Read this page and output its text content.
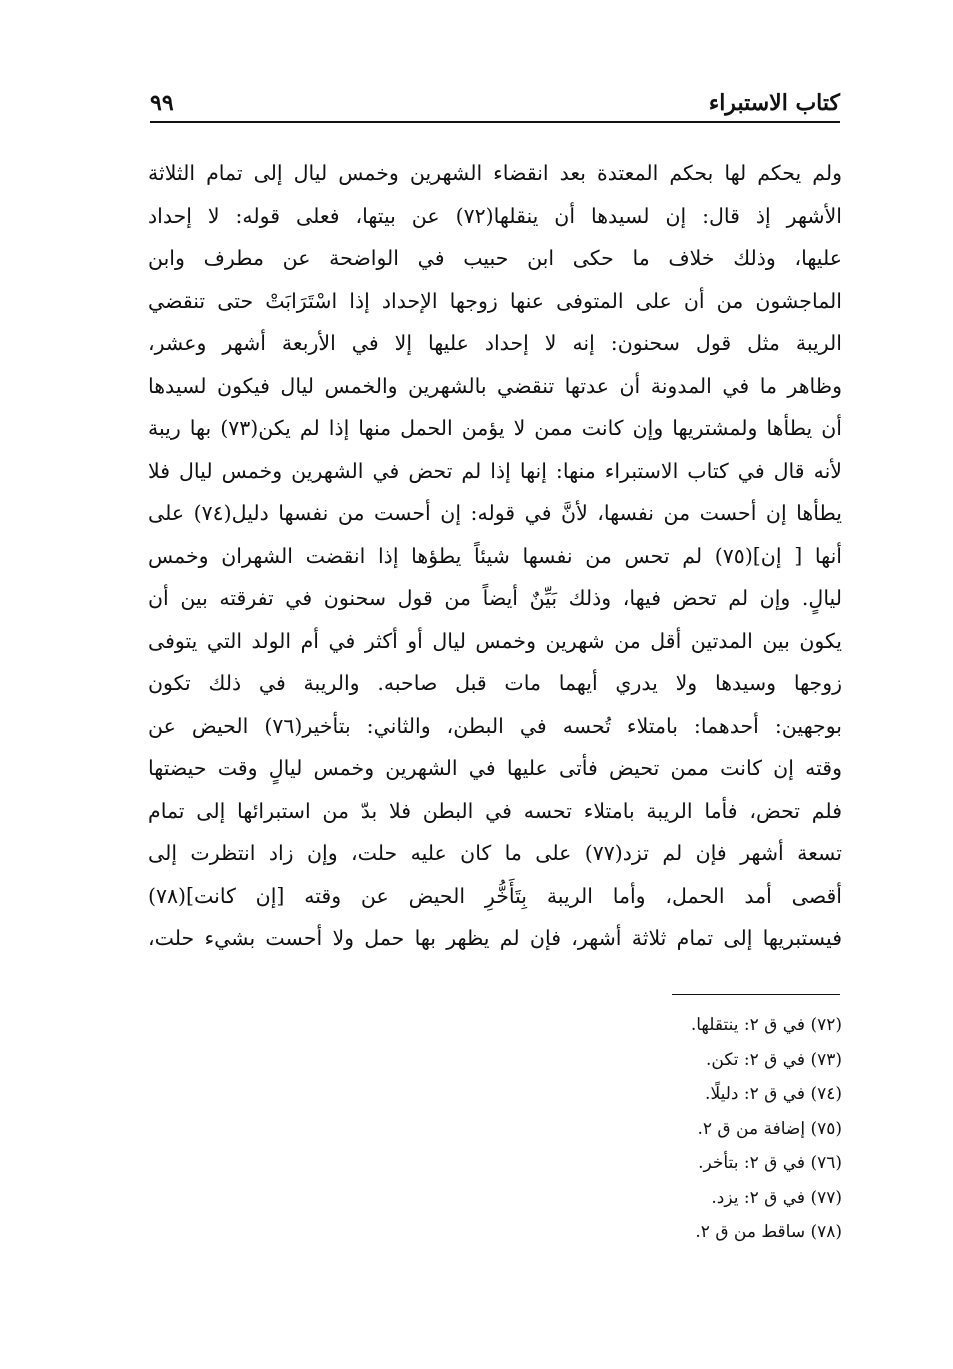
كتاب الاستبراء
٩٩
ولم يحكم لها بحكم المعتدة بعد انقضاء الشهرين وخمس ليال إلى تمام الثلاثة
الأشهر إذ قال: إن لسيدها أن ينقلها(٧٢) عن بيتها، فعلى قوله: لا إحداد
عليها، وذلك خلاف ما حكى ابن حبيب في الواضحة عن مطرف وابن
الماجشون من أن على المتوفى عنها زوجها الإحداد إذا اسْتَرَابَتْ حتى تنقضي
الريبة مثل قول سحنون: إنه لا إحداد عليها إلا في الأربعة أشهر وعشر،
وظاهر ما في المدونة أن عدتها تنقضي بالشهرين والخمس ليال فيكون لسيدها
أن يطأها ولمشتريها وإن كانت ممن لا يؤمن الحمل منها إذا لم يكن(٧٣) بها ريبة
لأنه قال في كتاب الاستبراء منها: إنها إذا لم تحض في الشهرين وخمس ليال فلا
يطأها إن أحست من نفسها، لأنَّ في قوله: إن أحست من نفسها دليل(٧٤) على
أنها [ إن](٧٥) لم تحس من نفسها شيئاً يطؤها إذا انقضت الشهران وخمس
ليالٍ. وإن لم تحض فيها، وذلك بَيِّنٌ أيضاً من قول سحنون في تفرقته بين أن
يكون بين المدتين أقل من شهرين وخمس ليال أو أكثر في أم الولد التي يتوفى
زوجها وسيدها ولا يدري أيهما مات قبل صاحبه. والريبة في ذلك تكون
بوجهين: أحدهما: بامتلاء تُحسه في البطن، والثاني: بتأخير(٧٦) الحيض عن
وقته إن كانت ممن تحيض فأتى عليها في الشهرين وخمس ليالٍ وقت حيضتها
فلم تحض، فأما الريبة بامتلاء تحسه في البطن فلا بدّ من استبرائها إلى تمام
تسعة أشهر فإن لم تزد(٧٧) على ما كان عليه حلت، وإن زاد انتظرت إلى
أقصى أمد الحمل، وأما الريبة بِتَأَخُّرِ الحيض عن وقته [إن كانت](٧٨)
فيستبريها إلى تمام ثلاثة أشهر، فإن لم يظهر بها حمل ولا أحست بشيء حلت،
(٧٢) في ق ٢: ينتقلها.
(٧٣) في ق ٢: تكن.
(٧٤) في ق ٢: دليلًا.
(٧٥) إضافة من ق ٢.
(٧٦) في ق ٢: بتأخر.
(٧٧) في ق ٢: يزد.
(٧٨) ساقط من ق ٢.
